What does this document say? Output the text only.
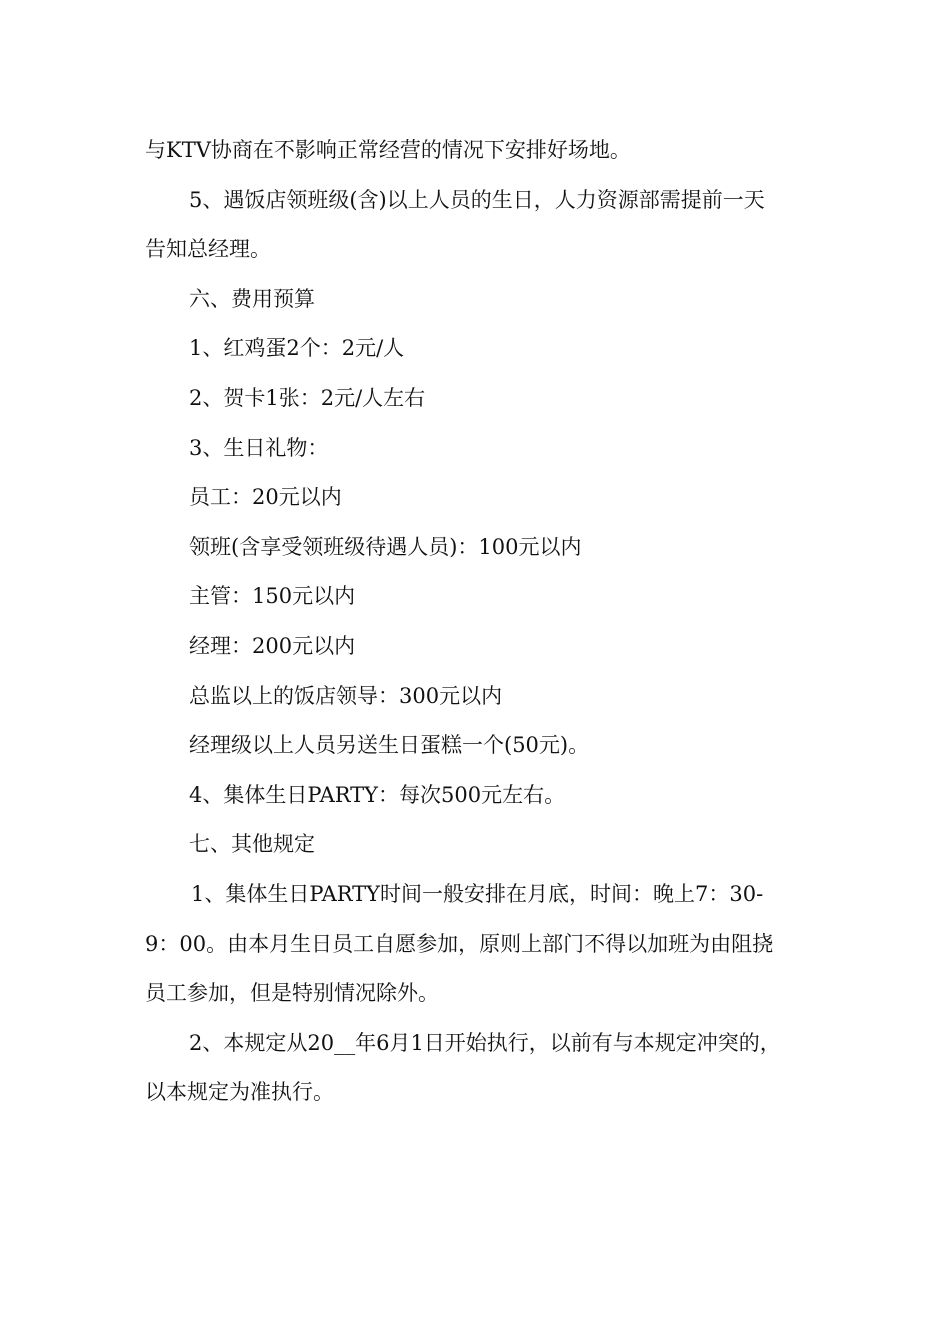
与KTV协商在不影响正常经营的情况下安排好场地。

5、遇饭店领班级(含)以上人员的生日，人力资源部需提前一天

告知总经理。

六、费用预算

1、红鸡蛋2个：2元/人

2、贺卡1张：2元/人左右

3、生日礼物：

员工：20元以内

领班(含享受领班级待遇人员)：100元以内

主管：150元以内

经理：200元以内

总监以上的饭店领导：300元以内

经理级以上人员另送生日蛋糕一个(50元)。

4、集体生日PARTY：每次500元左右。

七、其他规定

1、集体生日PARTY时间一般安排在月底，时间：晚上7：30-

9：00。由本月生日员工自愿参加，原则上部门不得以加班为由阻挠

员工参加，但是特别情况除外。

2、本规定从20__年6月1日开始执行，以前有与本规定冲突的，

以本规定为准执行。
